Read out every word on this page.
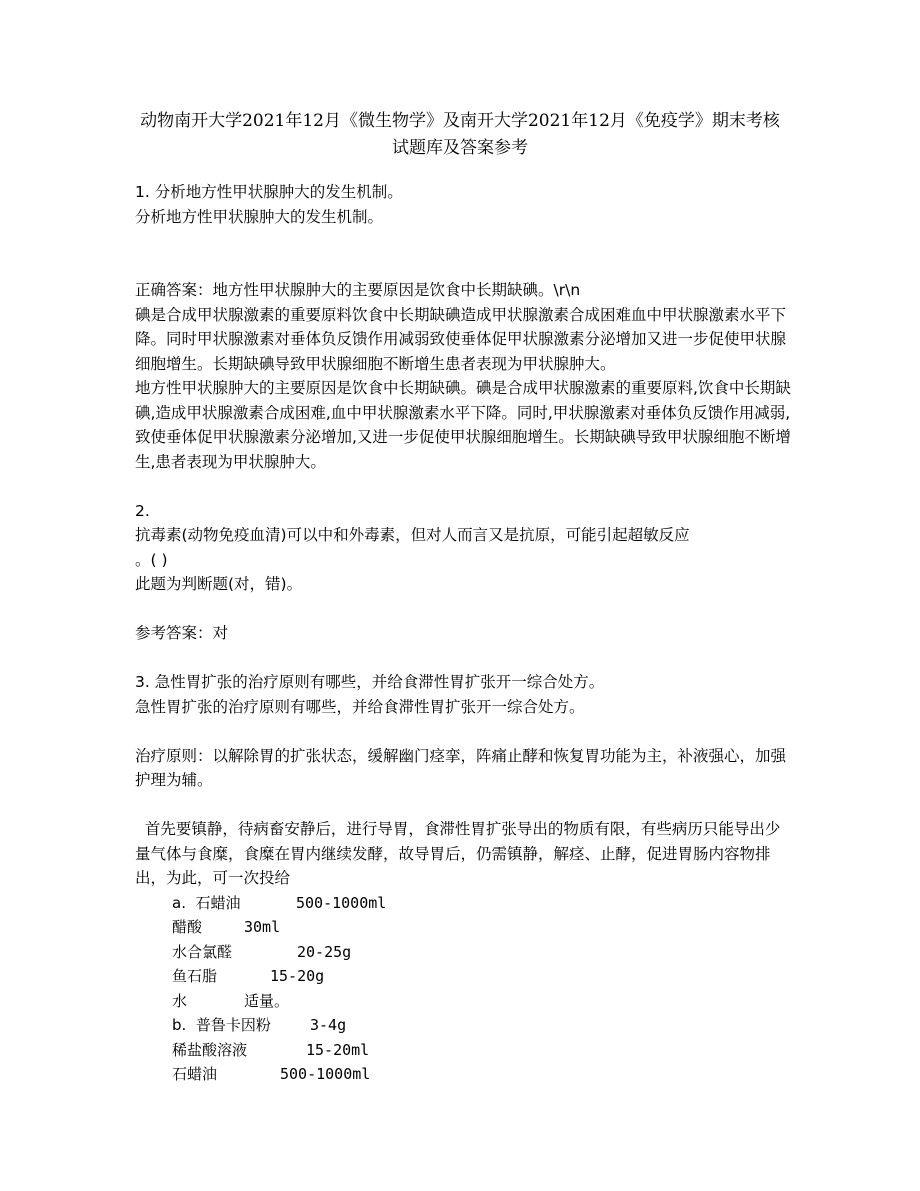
动物南开大学2021年12月《微生物学》及南开大学2021年12月《免疫学》期末考核
试题库及答案参考

1. 分析地方性甲状腺肿大的发生机制。

分析地方性甲状腺肿大的发生机制。

正确答案：地方性甲状腺肿大的主要原因是饮食中长期缺碘。\r\n

碘是合成甲状腺激素的重要原料饮食中长期缺碘造成甲状腺激素合成困难血中甲状腺激素水平下降。同时甲状腺激素对垂体负反馈作用减弱致使垂体促甲状腺激素分泌增加又进一步促使甲状腺细胞增生。长期缺碘导致甲状腺细胞不断增生患者表现为甲状腺肿大。

地方性甲状腺肿大的主要原因是饮食中长期缺碘。碘是合成甲状腺激素的重要原料,饮食中长期缺碘,造成甲状腺激素合成困难,血中甲状腺激素水平下降。同时,甲状腺激素对垂体负反馈作用减弱,致使垂体促甲状腺激素分泌增加,又进一步促使甲状腺细胞增生。长期缺碘导致甲状腺细胞不断增生,患者表现为甲状腺肿大。

2.

抗毒素(动物免疫血清)可以中和外毒素，但对人而言又是抗原，可能引起超敏反应

。( )

此题为判断题(对，错)。

参考答案：对

3. 急性胃扩张的治疗原则有哪些，并给食滞性胃扩张开一综合处方。

急性胃扩张的治疗原则有哪些，并给食滞性胃扩张开一综合处方。

治疗原则：以解除胃的扩张状态，缓解幽门痉挛，阵痛止酵和恢复胃功能为主，补液强心，加强护理为辅。

首先要镇静，待病畜安静后，进行导胃，食滞性胃扩张导出的物质有限，有些病历只能导出少量气体与食糜，食糜在胃内继续发酵，故导胃后，仍需镇静，解痉、止酵，促进胃肠内容物排出，为此，可一次投给

a.  石蜡油	500-1000ml
醋酸	30ml
水合氯醛	20-25g
鱼石脂	15-20g
水	适量。
b.  普鲁卡因粉	3-4g
稀盐酸溶液	15-20ml
石蜡油	500-1000ml
